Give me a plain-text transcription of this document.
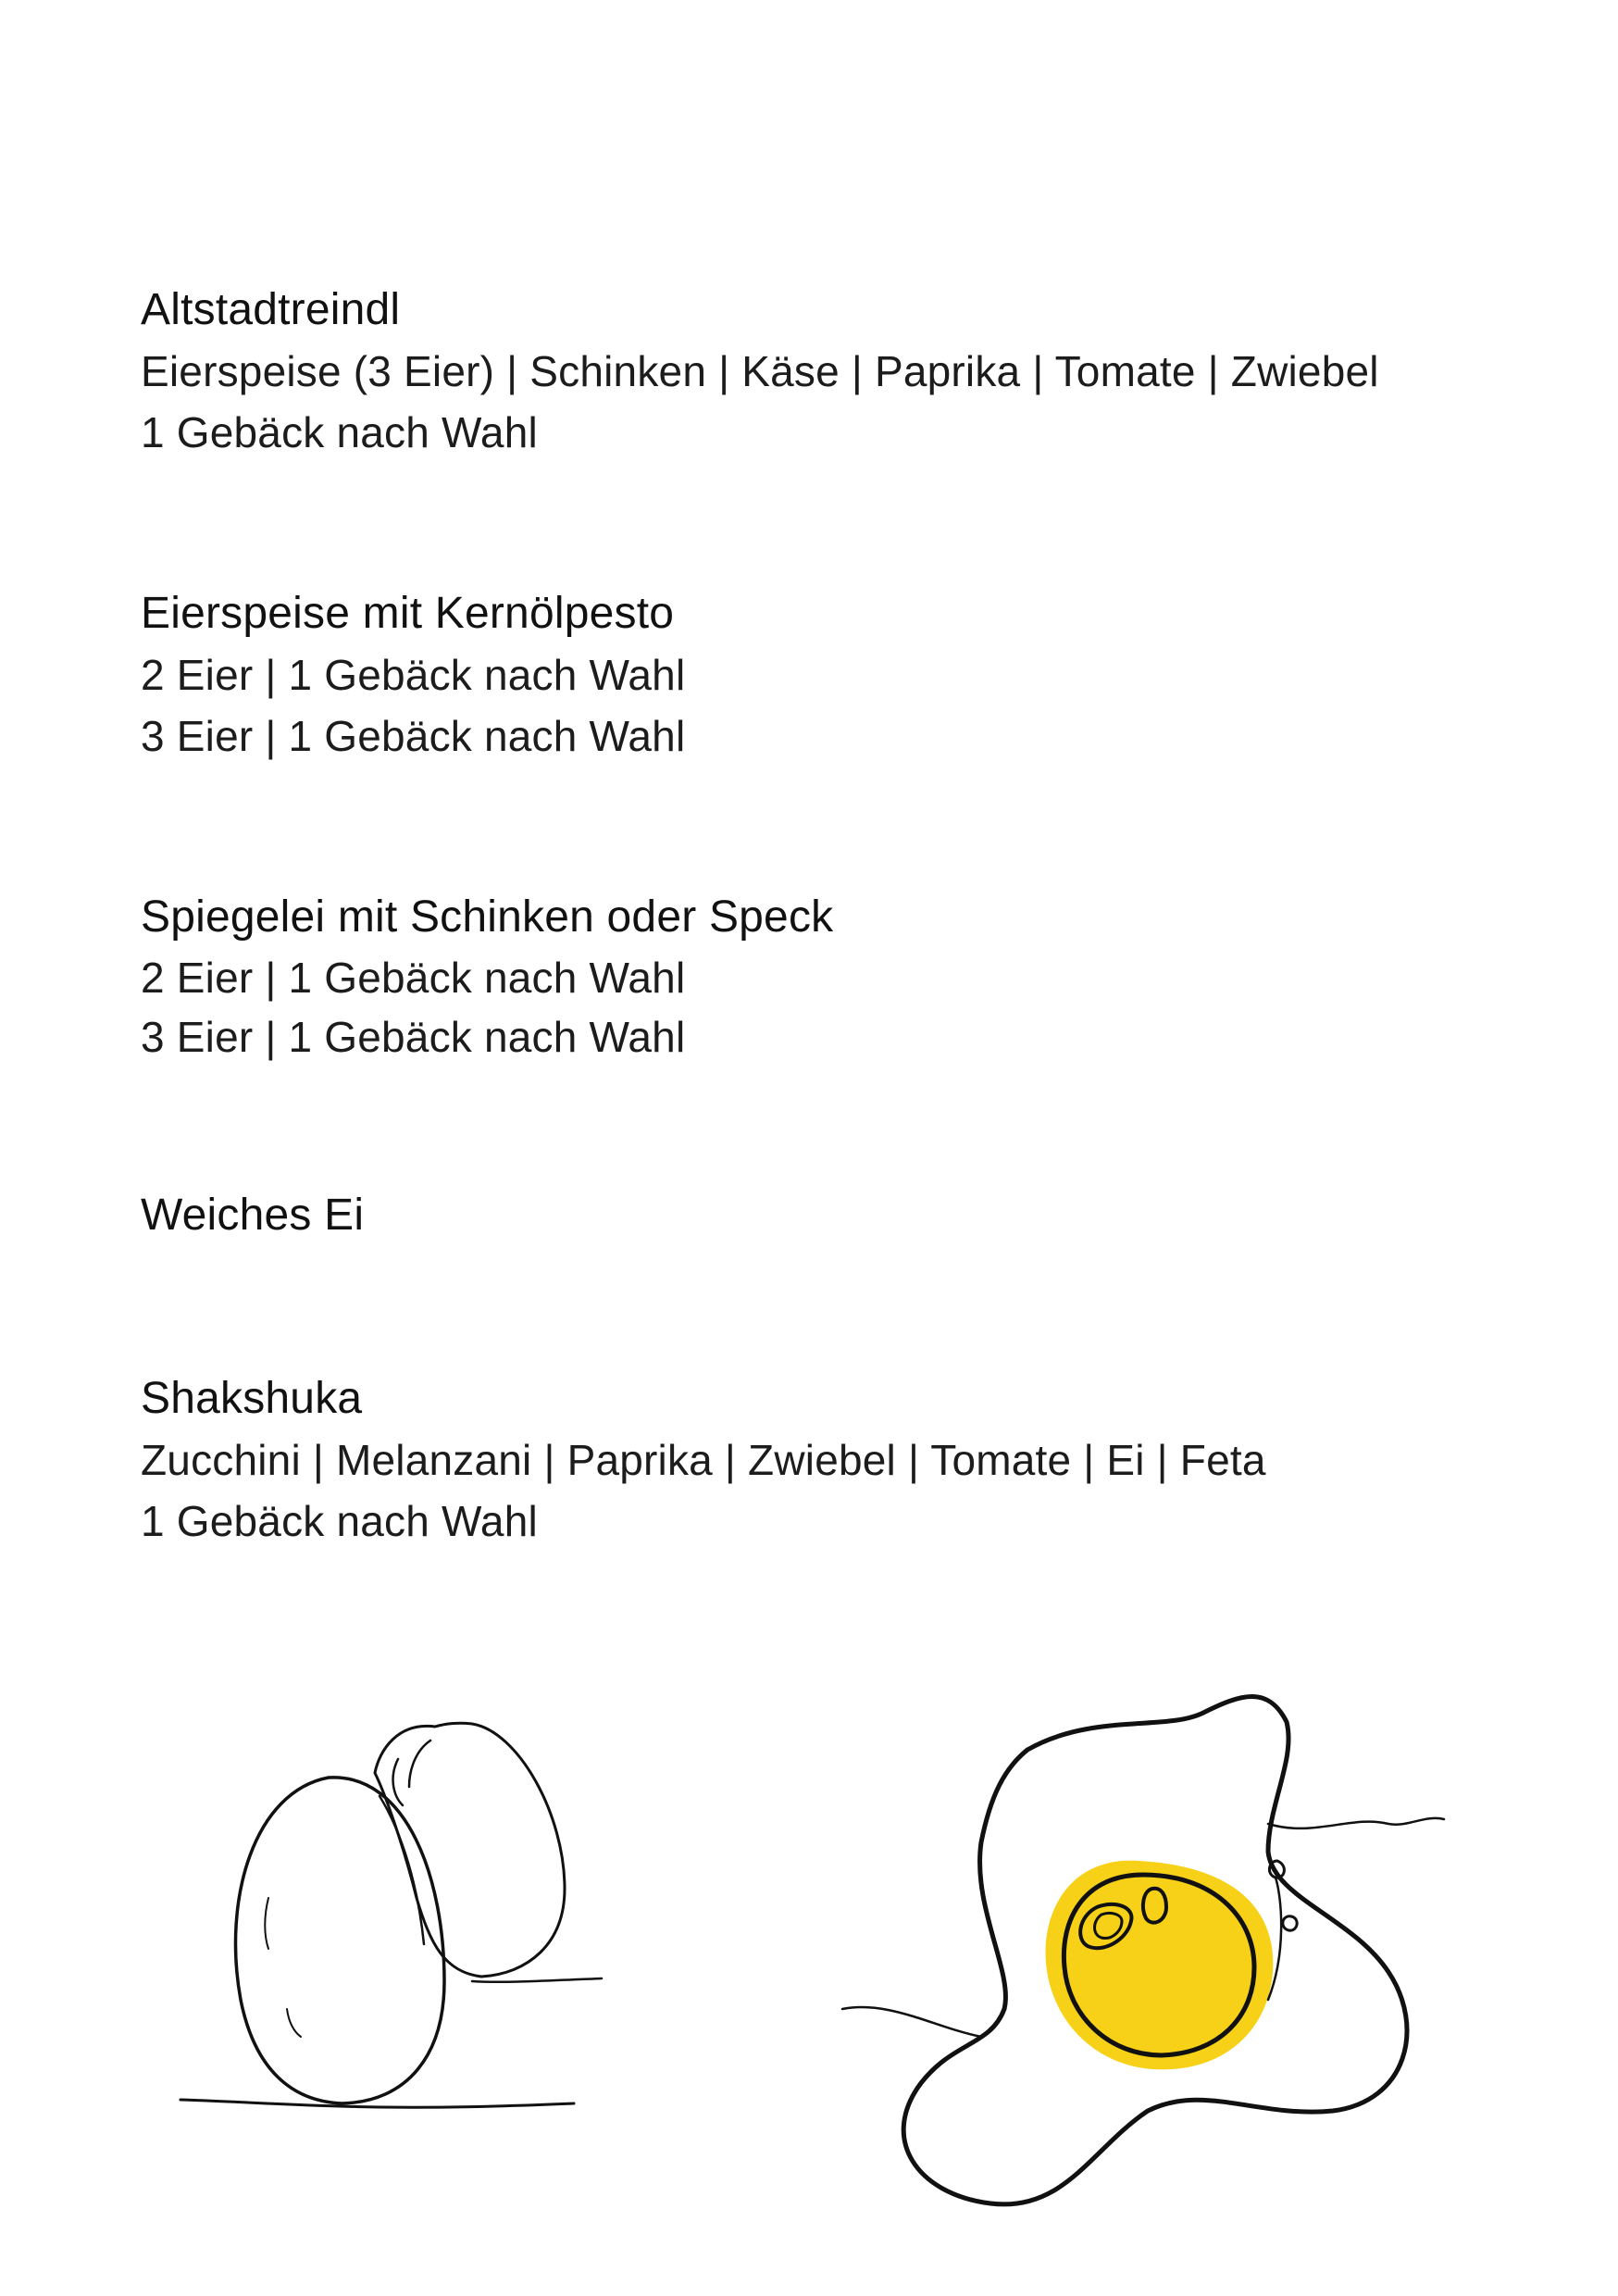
Altstadtreindl

Eierspeise (3 Eier) | Schinken | Käse | Paprika | Tomate | Zwiebel

1 Gebäck nach Wahl

Eierspeise mit Kernölpesto

2 Eier | 1 Gebäck nach Wahl

3 Eier | 1 Gebäck nach Wahl

Spiegelei mit Schinken oder Speck

2 Eier | 1 Gebäck nach Wahl

3 Eier | 1 Gebäck nach Wahl

Weiches Ei
Shakshuka

Zucchini | Melanzani | Paprika | Zwiebel | Tomate | Ei | Feta

1 Gebäck nach Wahl
